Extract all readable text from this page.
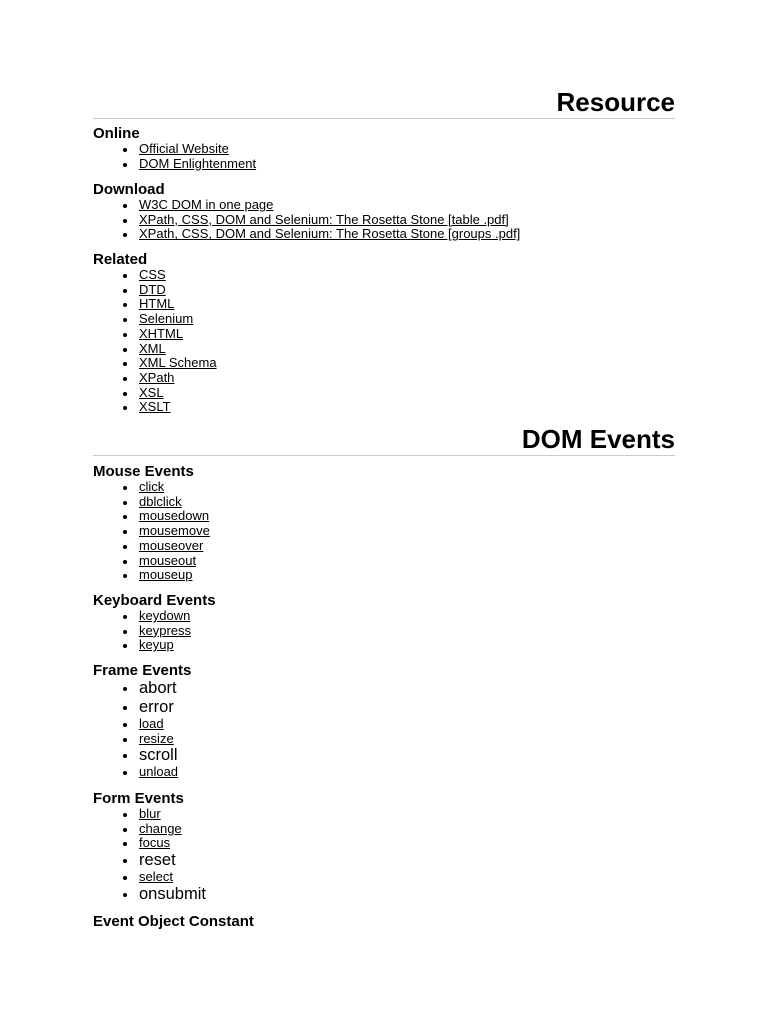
Resource
Online
Official Website
DOM Enlightenment
Download
W3C DOM in one page
XPath, CSS, DOM and Selenium: The Rosetta Stone [table .pdf]
XPath, CSS, DOM and Selenium: The Rosetta Stone [groups .pdf]
Related
CSS
DTD
HTML
Selenium
XHTML
XML
XML Schema
XPath
XSL
XSLT
DOM Events
Mouse Events
click
dblclick
mousedown
mousemove
mouseover
mouseout
mouseup
Keyboard Events
keydown
keypress
keyup
Frame Events
abort
error
load
resize
scroll
unload
Form Events
blur
change
focus
reset
select
onsubmit
Event Object Constant
